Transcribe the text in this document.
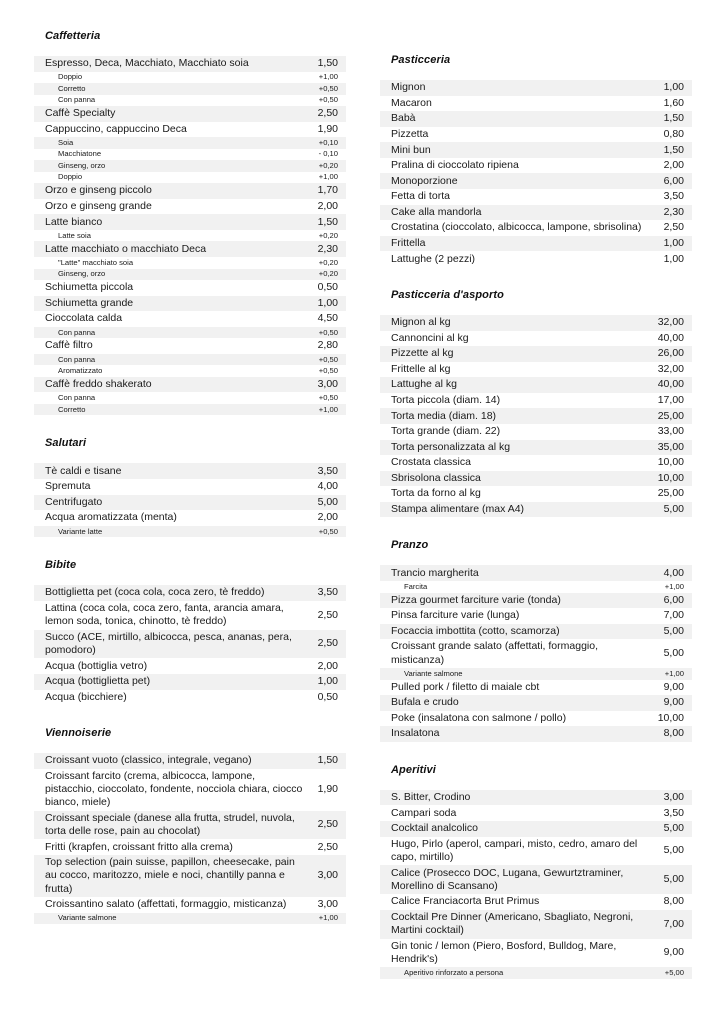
Caffetteria
Espresso, Deca, Macchiato, Macchiato soia	1,50
Doppio	+1,00
Corretto	+0,50
Con panna	+0,50
Caffè Specialty	2,50
Cappuccino, cappuccino Deca	1,90
Soia	+0,10
Macchiatone	- 0,10
Ginseng, orzo	+0,20
Doppio	+1,00
Orzo e ginseng piccolo	1,70
Orzo e ginseng grande	2,00
Latte bianco	1,50
Latte soia	+0,20
Latte macchiato o macchiato Deca	2,30
"Latte" macchiato soia	+0,20
Ginseng, orzo	+0,20
Schiumetta piccola	0,50
Schiumetta grande	1,00
Cioccolata calda	4,50
Con panna	+0,50
Caffè filtro	2,80
Con panna	+0,50
Aromatizzato	+0,50
Caffè freddo shakerato	3,00
Con panna	+0,50
Corretto	+1,00
Salutari
Tè caldi e tisane	3,50
Spremuta	4,00
Centrifugato	5,00
Acqua aromatizzata (menta)	2,00
Variante latte	+0,50
Bibite
Bottiglietta pet (coca cola, coca zero, tè freddo)	3,50
Lattina (coca cola, coca zero, fanta, arancia amara, lemon soda, tonica, chinotto, tè freddo)
2,50
Succo (ACE, mirtillo, albicocca, pesca, ananas, pera, pomodoro)
2,50
Acqua (bottiglia vetro)	2,00
Acqua (bottiglietta pet)	1,00
Acqua (bicchiere)	0,50
Viennoiserie
Croissant vuoto (classico, integrale, vegano)	1,50
Croissant farcito (crema, albicocca, lampone, pistacchio, cioccolato, fondente, nocciola chiara, ciocco bianco, miele)
1,90
Croissant speciale (danese alla frutta, strudel, nuvola, torta delle rose, pain au chocolat)
2,50
Fritti (krapfen, croissant fritto alla crema)	2,50
Top selection (pain suisse, papillon, cheesecake, pain au cocco, maritozzo, miele e noci, chantilly panna e frutta)
3,00
Croissantino salato (affettati, formaggio, misticanza)	3,00
Variante salmone	+1,00
Pasticceria
Mignon	1,00
Macaron	1,60
Babà	1,50
Pizzetta	0,80
Mini bun	1,50
Pralina di cioccolato ripiena	2,00
Monoporzione	6,00
Fetta di torta	3,50
Cake alla mandorla	2,30
Crostatina (cioccolato, albicocca, lampone, sbrisolina)	2,50
Frittella	1,00
Lattughe (2 pezzi)	1,00
Pasticceria d'asporto
Mignon al kg	32,00
Cannoncini al kg	40,00
Pizzette al kg	26,00
Frittelle al kg	32,00
Lattughe al kg	40,00
Torta piccola (diam. 14)	17,00
Torta media (diam. 18)	25,00
Torta grande (diam. 22)	33,00
Torta personalizzata al kg	35,00
Crostata classica	10,00
Sbrisolona classica	10,00
Torta da forno al kg	25,00
Stampa alimentare (max A4)	5,00
Pranzo
Trancio margherita	4,00
Farcita	+1,00
Pizza gourmet farciture varie (tonda)	6,00
Pinsa farciture varie (lunga)	7,00
Focaccia imbottita (cotto, scamorza)	5,00
Croissant grande salato (affettati, formaggio, misticanza)
5,00
Variante salmone	+1,00
Pulled pork / filetto di maiale cbt	9,00
Bufala e crudo	9,00
Poke (insalatona con salmone / pollo)	10,00
Insalatona	8,00
Aperitivi
S. Bitter, Crodino	3,00
Campari soda	3,50
Cocktail analcolico	5,00
Hugo, Pirlo (aperol, campari, misto, cedro, amaro del capo, mirtillo)
5,00
Calice (Prosecco DOC, Lugana, Gewurtztraminer, Morellino di Scansano)
5,00
Calice Franciacorta Brut Primus	8,00
Cocktail Pre Dinner (Americano, Sbagliato, Negroni, Martini cocktail)
7,00
Gin tonic / lemon (Piero, Bosford, Bulldog, Mare, Hendrik's)
9,00
Aperitivo rinforzato a persona	+5,00
